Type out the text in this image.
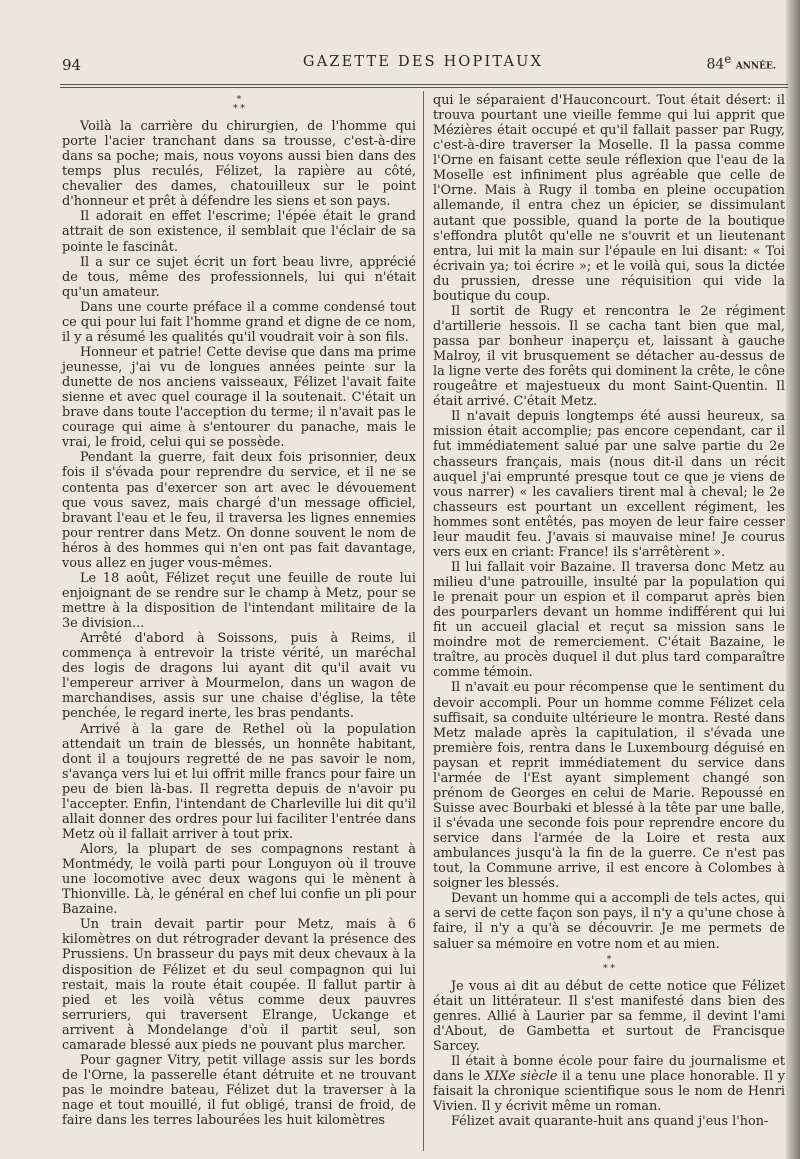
94	GAZETTE DES HOPITAUX	84e ANNÉE.
*
* *

Voilà la carrière du chirurgien, de l'homme qui porte l'acier tranchant dans sa trousse, c'est-à-dire dans sa poche; mais, nous voyons aussi bien dans des temps plus reculés, Félizet, la rapière au côté, chevalier des dames, chatouilleux sur le point d'honneur et prêt à défendre les siens et son pays.

Il adorait en effet l'escrime; l'épée était le grand attrait de son existence, il semblait que l'éclair de sa pointe le fascinât.

Il a sur ce sujet écrit un fort beau livre, apprécié de tous, même des professionnels, lui qui n'était qu'un amateur.

Dans une courte préface il a comme condensé tout ce qui pour lui fait l'homme grand et digne de ce nom, il y a résumé les qualités qu'il voudrait voir à son fils.

Honneur et patrie! Cette devise que dans ma prime jeunesse, j'ai vu de longues années peinte sur la dunette de nos anciens vaisseaux, Félizet l'avait faite sienne et avec quel courage il la soutenait. C'était un brave dans toute l'acception du terme; il n'avait pas le courage qui aime à s'entourer du panache, mais le vrai, le froid, celui qui se possède.

Pendant la guerre, fait deux fois prisonnier, deux fois il s'évada pour reprendre du service, et il ne se contenta pas d'exercer son art avec le dévouement que vous savez, mais chargé d'un message officiel, bravant l'eau et le feu, il traversa les lignes ennemies pour rentrer dans Metz. On donne souvent le nom de héros à des hommes qui n'en ont pas fait davantage, vous allez en juger vous-mêmes.

Le 18 août, Félizet reçut une feuille de route lui enjoignant de se rendre sur le champ à Metz, pour se mettre à la disposition de l'intendant militaire de la 3e division...

Arrêté d'abord à Soissons, puis à Reims, il commença à entrevoir la triste vérité, un maréchal des logis de dragons lui ayant dit qu'il avait vu l'empereur arriver à Mourmelon, dans un wagon de marchandises, assis sur une chaise d'église, la tête penchée, le regard inerte, les bras pendants.

Arrivé à la gare de Rethel où la population attendait un train de blessés, un honnête habitant, dont il a toujours regretté de ne pas savoir le nom, s'avança vers lui et lui offrit mille francs pour faire un peu de bien là-bas. Il regretta depuis de n'avoir pu l'accepter. Enfin, l'intendant de Charleville lui dit qu'il allait donner des ordres pour lui faciliter l'entrée dans Metz où il fallait arriver à tout prix.

Alors, la plupart de ses compagnons restant à Montmédy, le voilà parti pour Longuyon où il trouve une locomotive avec deux wagons qui le mènent à Thionville. Là, le général en chef lui confie un pli pour Bazaine.

Un train devait partir pour Metz, mais à 6 kilomètres on dut rétrograder devant la présence des Prussiens. Un brasseur du pays mit deux chevaux à la disposition de Félizet et du seul compagnon qui lui restait, mais la route était coupée. Il fallut partir à pied et les voilà vêtus comme deux pauvres serruriers, qui traversent Elrange, Uckange et arrivent à Mondelange d'où il partit seul, son camarade blessé aux pieds ne pouvant plus marcher.

Pour gagner Vitry, petit village assis sur les bords de l'Orne, la passerelle étant détruite et ne trouvant pas le moindre bateau, Félizet dut la traverser à la nage et tout mouillé, il fut obligé, transi de froid, de faire dans les terres labourées les huit kilomètres

qui le séparaient d'Hauconcourt. Tout était désert: il trouva pourtant une vieille femme qui lui apprit que Mézières était occupé et qu'il fallait passer par Rugy, c'est-à-dire traverser la Moselle. Il la passa comme l'Orne en faisant cette seule réflexion que l'eau de la Moselle est infiniment plus agréable que celle de l'Orne. Mais à Rugy il tomba en pleine occupation allemande, il entra chez un épicier, se dissimulant autant que possible, quand la porte de la boutique s'effondra plutôt qu'elle ne s'ouvrit et un lieutenant entra, lui mit la main sur l'épaule en lui disant: « Toi écrivain ya; toi écrire »; et le voilà qui, sous la dictée du prussien, dresse une réquisition qui vide la boutique du coup.

Il sortit de Rugy et rencontra le 2e régiment d'artillerie hessois. Il se cacha tant bien que mal, passa par bonheur inaperçu et, laissant à gauche Malroy, il vit brusquement se détacher au-dessus de la ligne verte des forêts qui dominent la crête, le cône rougeâtre et majestueux du mont Saint-Quentin. Il était arrivé. C'était Metz.

Il n'avait depuis longtemps été aussi heureux, sa mission était accomplie; pas encore cependant, car il fut immédiatement salué par une salve partie du 2e chasseurs français, mais (nous dit-il dans un récit auquel j'ai emprunté presque tout ce que je viens de vous narrer) « les cavaliers tirent mal à cheval; le 2e chasseurs est pourtant un excellent régiment, les hommes sont entêtés, pas moyen de leur faire cesser leur maudit feu. J'avais si mauvaise mine! Je courus vers eux en criant: France! ils s'arrêtèrent ».

Il lui fallait voir Bazaine. Il traversa donc Metz au milieu d'une patrouille, insulté par la population qui le prenait pour un espion et il comparut après bien des pourparlers devant un homme indifférent qui lui fit un accueil glacial et reçut sa mission sans le moindre mot de remerciement. C'était Bazaine, le traître, au procès duquel il dut plus tard comparaître comme témoin.

Il n'avait eu pour récompense que le sentiment du devoir accompli. Pour un homme comme Félizet cela suffisait, sa conduite ultérieure le montra. Resté dans Metz malade après la capitulation, il s'évada une première fois, rentra dans le Luxembourg déguisé en paysan et reprit immédiatement du service dans l'armée de l'Est ayant simplement changé son prénom de Georges en celui de Marie. Repoussé en Suisse avec Bourbaki et blessé à la tête par une balle, il s'évada une seconde fois pour reprendre encore du service dans l'armée de la Loire et resta aux ambulances jusqu'à la fin de la guerre. Ce n'est pas tout, la Commune arrive, il est encore à Colombes à soigner les blessés.

Devant un homme qui a accompli de tels actes, qui a servi de cette façon son pays, il n'y a qu'une chose à faire, il n'y a qu'à se découvrir. Je me permets de saluer sa mémoire en votre nom et au mien.

*
* *

Je vous ai dit au début de cette notice que Félizet était un littérateur. Il s'est manifesté dans bien des genres. Allié à Laurier par sa femme, il devint l'ami d'About, de Gambetta et surtout de Francisque Sarcey.

Il était à bonne école pour faire du journalisme et dans le XIXe siècle il a tenu une place honorable. Il y faisait la chronique scientifique sous le nom de Henri Vivien. Il y écrivit même un roman.

Félizet avait quarante-huit ans quand j'eus l'hon-
